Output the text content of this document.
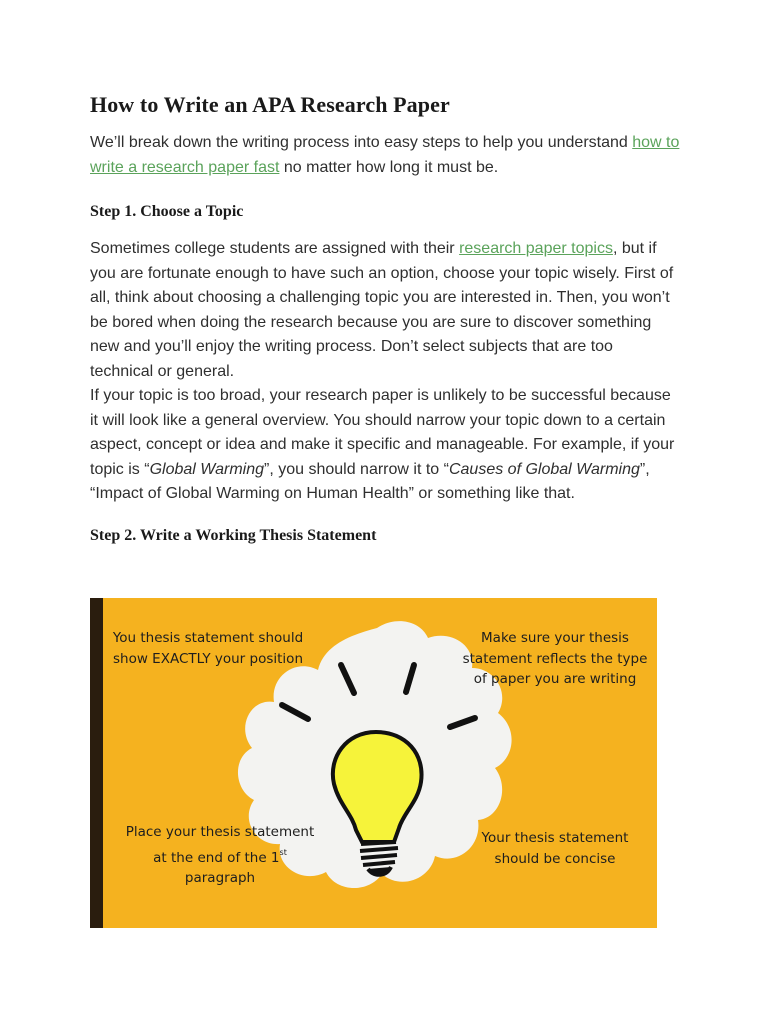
How to Write an APA Research Paper

We’ll break down the writing process into easy steps to help you understand how to write a research paper fast no matter how long it must be.

Step 1. Choose a Topic

Sometimes college students are assigned with their research paper topics, but if you are fortunate enough to have such an option, choose your topic wisely. First of all, think about choosing a challenging topic you are interested in. Then, you won’t be bored when doing the research because you are sure to discover something new and you’ll enjoy the writing process. Don’t select subjects that are too technical or general.

If your topic is too broad, your research paper is unlikely to be successful because it will look like a general overview. You should narrow your topic down to a certain aspect, concept or idea and make it specific and manageable. For example, if your topic is “Global Warming”, you should narrow it to “Causes of Global Warming”, “Impact of Global Warming on Human Health” or something like that.

Step 2. Write a Working Thesis Statement
You thesis statement should show EXACTLY your position
Make sure your thesis statement reflects the type of paper you are writing
Place your thesis statement at the end of the 1st
paragraph
Your thesis statement should be concise
